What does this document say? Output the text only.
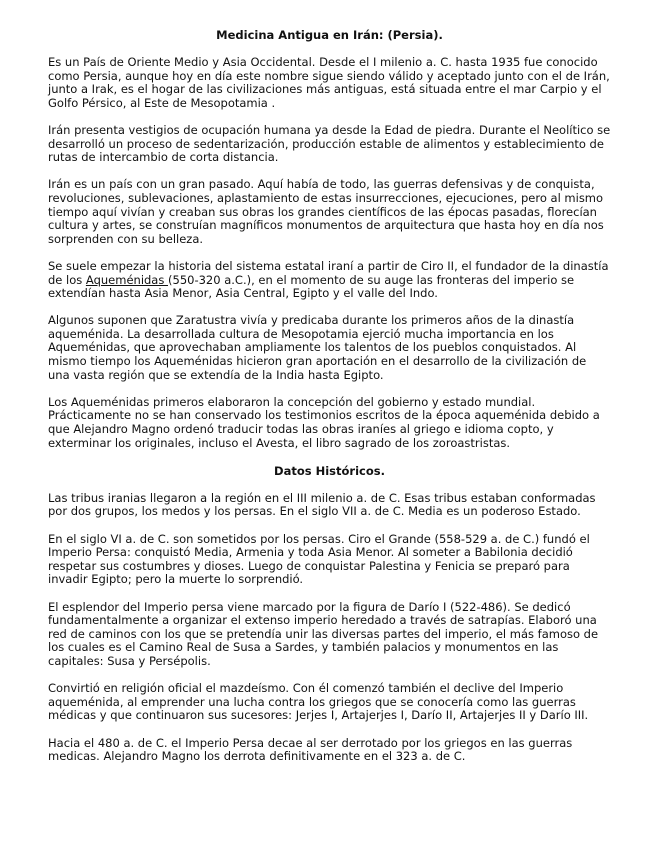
Medicina Antigua en Irán: (Persia).

Es un País de Oriente Medio y Asia Occidental. Desde el I milenio a. C. hasta 1935 fue conocido como Persia, aunque hoy en día este nombre sigue siendo válido y aceptado junto con el de Irán, junto a Irak, es el hogar de las civilizaciones más antiguas, está situada entre el mar Carpio y el Golfo Pérsico, al Este de Mesopotamia .

Irán presenta vestigios de ocupación humana ya desde la Edad de piedra. Durante el Neolítico se desarrolló un proceso de sedentarización, producción estable de alimentos y establecimiento de rutas de intercambio de corta distancia.

Irán es un país con un gran pasado. Aquí había de todo, las guerras defensivas y de conquista, revoluciones, sublevaciones, aplastamiento de estas insurrecciones, ejecuciones, pero al mismo tiempo aquí vivían y creaban sus obras los grandes científicos de las épocas pasadas, florecían cultura y artes, se construían magníficos monumentos de arquitectura que hasta hoy en día nos sorprenden con su belleza.

Se suele empezar la historia del sistema estatal iraní a partir de Ciro II, el fundador de la dinastía de los Aqueménidas (550-320 a.C.), en el momento de su auge las fronteras del imperio se extendían hasta Asia Menor, Asia Central, Egipto y el valle del Indo.

Algunos suponen que Zaratustra vivía y predicaba durante los primeros años de la dinastía aqueménida. La desarrollada cultura de Mesopotamia ejerció mucha importancia en los Aqueménidas, que aprovechaban ampliamente los talentos de los pueblos conquistados. Al mismo tiempo los Aqueménidas hicieron gran aportación en el desarrollo de la civilización de una vasta región que se extendía de la India hasta Egipto.

Los Aqueménidas primeros elaboraron la concepción del gobierno y estado mundial. Prácticamente no se han conservado los testimonios escritos de la época aqueménida debido a que Alejandro Magno ordenó traducir todas las obras iraníes al griego e idioma copto, y exterminar los originales, incluso el Avesta, el libro sagrado de los zoroastristas.

Datos Históricos.

Las tribus iranias llegaron a la región en el III milenio a. de C. Esas tribus estaban conformadas por dos grupos, los medos y los persas. En el siglo VII a. de C. Media es un poderoso Estado.

En el siglo VI a. de C. son sometidos por los persas. Ciro el Grande (558-529 a. de C.) fundó el Imperio Persa: conquistó Media, Armenia y toda Asia Menor. Al someter a Babilonia decidió respetar sus costumbres y dioses. Luego de conquistar Palestina y Fenicia se preparó para invadir Egipto; pero la muerte lo sorprendió.

El esplendor del Imperio persa viene marcado por la figura de Darío I (522-486). Se dedicó fundamentalmente a organizar el extenso imperio heredado a través de satrapías. Elaboró una red de caminos con los que se pretendía unir las diversas partes del imperio, el más famoso de los cuales es el Camino Real de Susa a Sardes, y también palacios y monumentos en las capitales: Susa y Persépolis.

Convirtió en religión oficial el mazdeísmo. Con él comenzó también el declive del Imperio aqueménida, al emprender una lucha contra los griegos que se conocería como las guerras médicas y que continuaron sus sucesores: Jerjes I, Artajerjes I, Darío II, Artajerjes II y Darío III.

Hacia el 480 a. de C. el Imperio Persa decae al ser derrotado por los griegos en las guerras medicas. Alejandro Magno los derrota definitivamente en el 323 a. de C.
